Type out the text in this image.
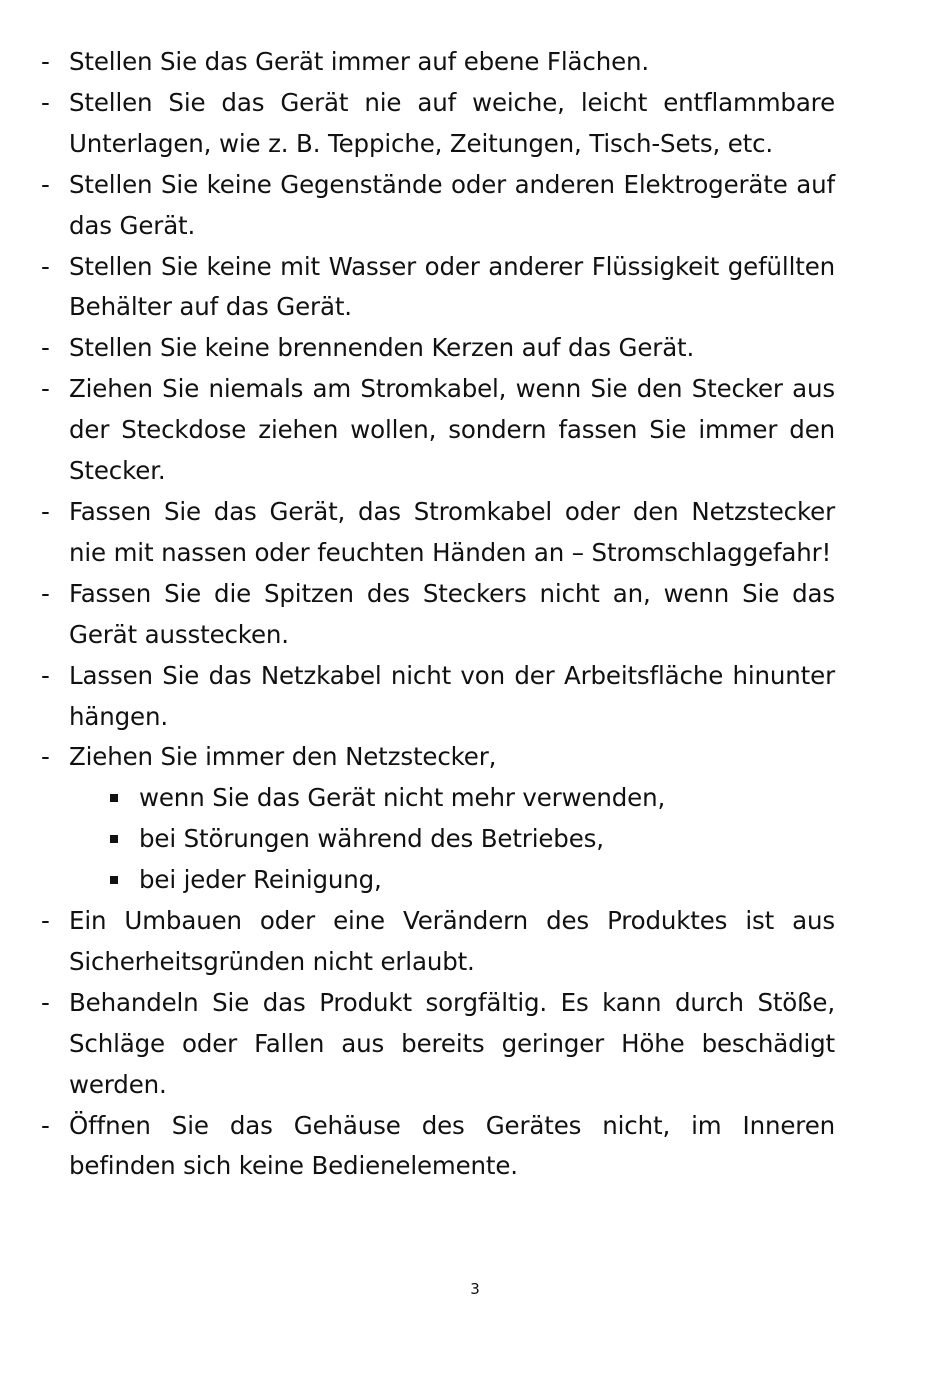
- Stellen Sie das Gerät immer auf ebene Flächen.
- Stellen Sie das Gerät nie auf weiche, leicht entflammbare Unterlagen, wie z. B. Teppiche, Zeitungen, Tisch-Sets, etc.
- Stellen Sie keine Gegenstände oder anderen Elektrogeräte auf das Gerät.
- Stellen Sie keine mit Wasser oder anderer Flüssigkeit gefüllten Behälter auf das Gerät.
- Stellen Sie keine brennenden Kerzen auf das Gerät.
- Ziehen Sie niemals am Stromkabel, wenn Sie den Stecker aus der Steckdose ziehen wollen, sondern fassen Sie immer den Stecker.
- Fassen Sie das Gerät, das Stromkabel oder den Netzstecker nie mit nassen oder feuchten Händen an – Stromschlaggefahr!
- Fassen Sie die Spitzen des Steckers nicht an, wenn Sie das Gerät ausstecken.
- Lassen Sie das Netzkabel nicht von der Arbeitsfläche hinunter hängen.
- Ziehen Sie immer den Netzstecker,
wenn Sie das Gerät nicht mehr verwenden,
bei Störungen während des Betriebes,
bei jeder Reinigung,
- Ein Umbauen oder eine Verändern des Produktes ist aus Sicherheitsgründen nicht erlaubt.
- Behandeln Sie das Produkt sorgfältig. Es kann durch Stöße, Schläge oder Fallen aus bereits geringer Höhe beschädigt werden.
- Öffnen Sie das Gehäuse des Gerätes nicht, im Inneren befinden sich keine Bedienelemente.
3
